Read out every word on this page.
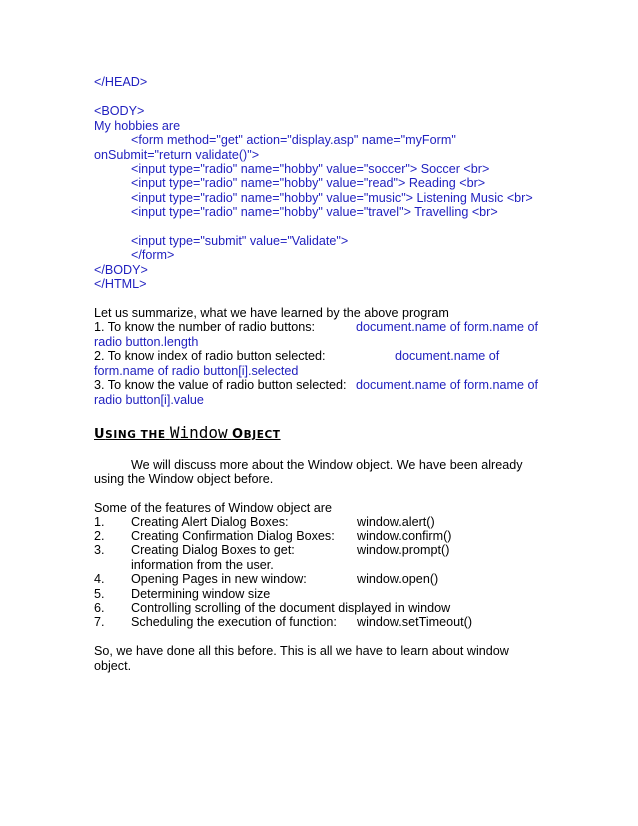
</HEAD>
<BODY>
My hobbies are
<form method="get" action="display.asp" name="myForm"
onSubmit="return validate()">
<input type="radio" name="hobby" value="soccer"> Soccer <br>
<input type="radio" name="hobby" value="read"> Reading <br>
<input type="radio" name="hobby" value="music"> Listening Music <br>
<input type="radio" name="hobby" value="travel"> Travelling <br>
<input type="submit" value="Validate">
</form>
</BODY>
</HTML>
Let us summarize, what we have learned by the above program
1. To know the number of radio buttons:	document.name of form.name of
radio button.length
2. To know index of radio button selected:	document.name of
form.name of radio button[i].selected
3. To know the value of radio button selected: document.name of form.name of
radio button[i].value
USING THE Window OBJECT
We will discuss more about the Window object. We have been already
using the Window object before.
Some of the features of Window object are
1. Creating Alert Dialog Boxes:	window.alert()
2. Creating Confirmation Dialog Boxes: window.confirm()
3. Creating Dialog Boxes to get:	window.prompt()
information from the user.
4. Opening Pages in new window:	window.open()
5. Determining window size
6. Controlling scrolling of the document displayed in window
7. Scheduling the execution of function: window.setTimeout()
So, we have done all this before. This is all we have to learn about window
object.
